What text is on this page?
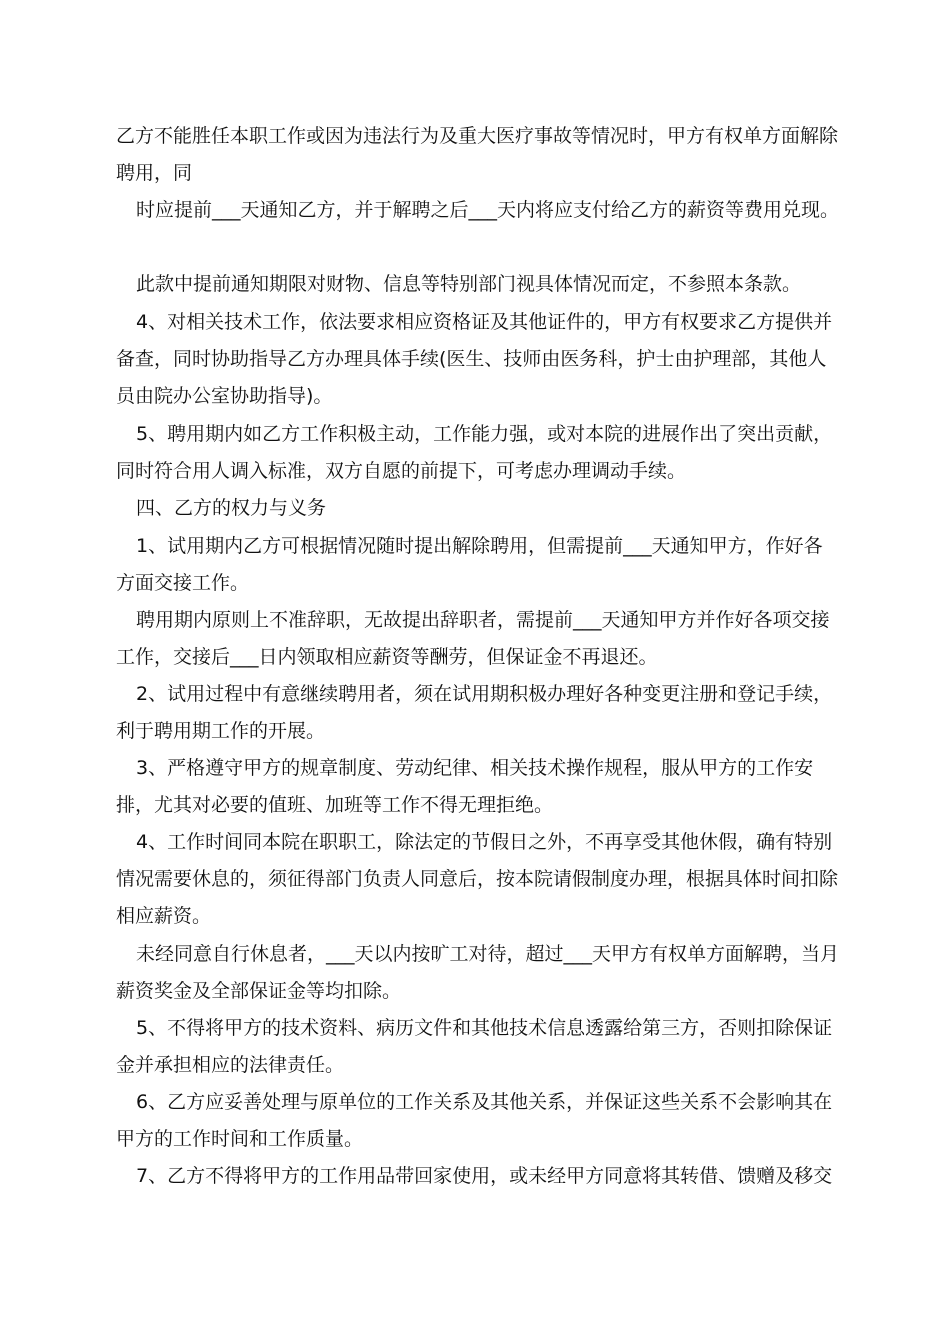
乙方不能胜任本职工作或因为违法行为及重大医疗事故等情况时，甲方有权单方面解除聘用，同

时应提前___天通知乙方，并于解聘之后___天内将应支付给乙方的薪资等费用兑现。

此款中提前通知期限对财物、信息等特别部门视具体情况而定，不参照本条款。

4、对相关技术工作，依法要求相应资格证及其他证件的，甲方有权要求乙方提供并备查，同时协助指导乙方办理具体手续(医生、技师由医务科，护士由护理部，其他人员由院办公室协助指导)。

5、聘用期内如乙方工作积极主动，工作能力强，或对本院的进展作出了突出贡献，同时符合用人调入标准，双方自愿的前提下，可考虑办理调动手续。

四、乙方的权力与义务

1、试用期内乙方可根据情况随时提出解除聘用，但需提前___天通知甲方，作好各方面交接工作。

聘用期内原则上不准辞职，无故提出辞职者，需提前___天通知甲方并作好各项交接工作，交接后___日内领取相应薪资等酬劳，但保证金不再退还。

2、试用过程中有意继续聘用者，须在试用期积极办理好各种变更注册和登记手续，利于聘用期工作的开展。

3、严格遵守甲方的规章制度、劳动纪律、相关技术操作规程，服从甲方的工作安排，尤其对必要的值班、加班等工作不得无理拒绝。

4、工作时间同本院在职职工，除法定的节假日之外，不再享受其他休假，确有特别情况需要休息的，须征得部门负责人同意后，按本院请假制度办理，根据具体时间扣除相应薪资。

未经同意自行休息者，___天以内按旷工对待，超过___天甲方有权单方面解聘，当月薪资奖金及全部保证金等均扣除。

5、不得将甲方的技术资料、病历文件和其他技术信息透露给第三方，否则扣除保证金并承担相应的法律责任。

6、乙方应妥善处理与原单位的工作关系及其他关系，并保证这些关系不会影响其在甲方的工作时间和工作质量。

7、乙方不得将甲方的工作用品带回家使用，或未经甲方同意将其转借、馈赠及移交
